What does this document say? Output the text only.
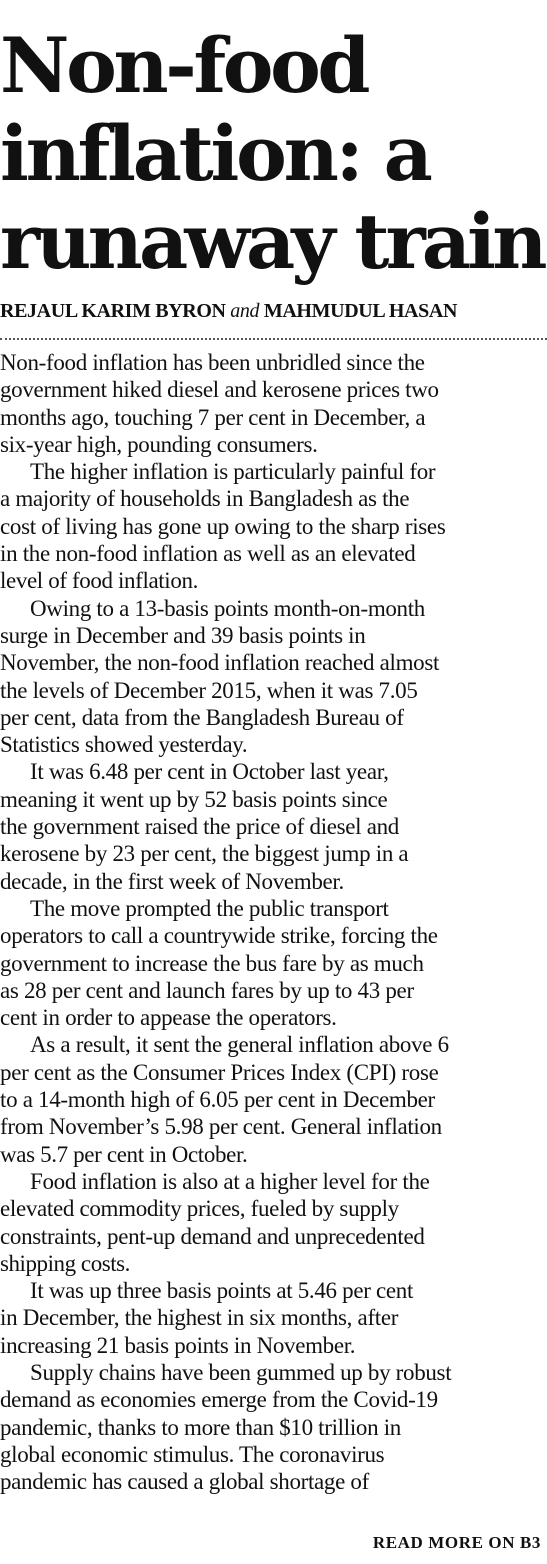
Non-food
inflation: a
runaway train
REJAUL KARIM BYRON and MAHMUDUL HASAN
Non-food inflation has been unbridled since the
government hiked diesel and kerosene prices two
months ago, touching 7 per cent in December, a
six-year high, pounding consumers.
The higher inflation is particularly painful for
a majority of households in Bangladesh as the
cost of living has gone up owing to the sharp rises
in the non-food inflation as well as an elevated
level of food inflation.
Owing to a 13-basis points month-on-month
surge in December and 39 basis points in
November, the non-food inflation reached almost
the levels of December 2015, when it was 7.05
per cent, data from the Bangladesh Bureau of
Statistics showed yesterday.
It was 6.48 per cent in October last year,
meaning it went up by 52 basis points since
the government raised the price of diesel and
kerosene by 23 per cent, the biggest jump in a
decade, in the first week of November.
The move prompted the public transport
operators to call a countrywide strike, forcing the
government to increase the bus fare by as much
as 28 per cent and launch fares by up to 43 per
cent in order to appease the operators.
As a result, it sent the general inflation above 6
per cent as the Consumer Prices Index (CPI) rose
to a 14-month high of 6.05 per cent in December
from November’s 5.98 per cent. General inflation
was 5.7 per cent in October.
Food inflation is also at a higher level for the
elevated commodity prices, fueled by supply
constraints, pent-up demand and unprecedented
shipping costs.
It was up three basis points at 5.46 per cent
in December, the highest in six months, after
increasing 21 basis points in November.
Supply chains have been gummed up by robust
demand as economies emerge from the Covid-19
pandemic, thanks to more than $10 trillion in
global economic stimulus. The coronavirus
pandemic has caused a global shortage of
READ MORE ON B3
